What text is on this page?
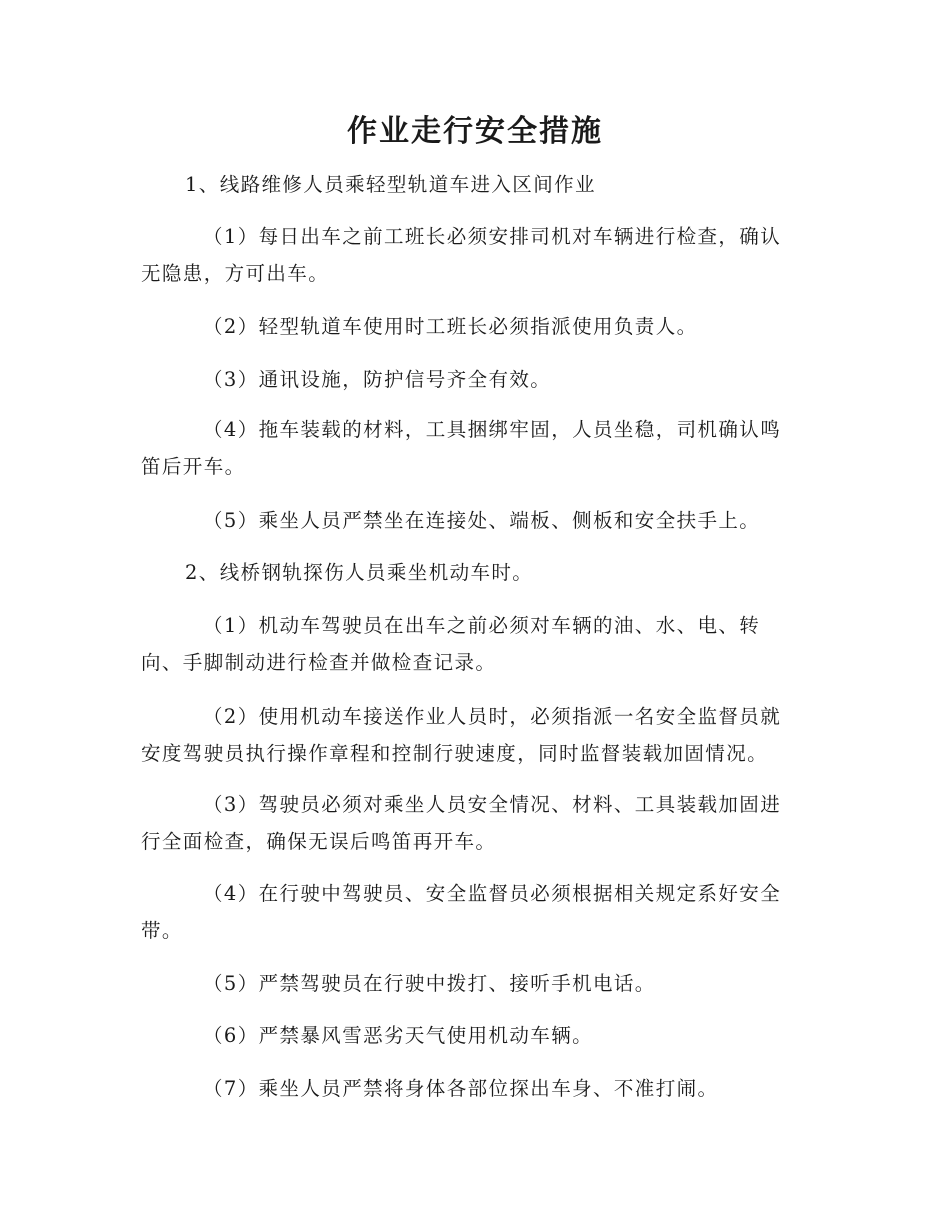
作业走行安全措施

1、线路维修人员乘轻型轨道车进入区间作业

（1）每日出车之前工班长必须安排司机对车辆进行检查，确认无隐患，方可出车。

（2）轻型轨道车使用时工班长必须指派使用负责人。

（3）通讯设施，防护信号齐全有效。

（4）拖车装载的材料，工具捆绑牢固，人员坐稳，司机确认鸣笛后开车。

（5）乘坐人员严禁坐在连接处、端板、侧板和安全扶手上。

2、线桥钢轨探伤人员乘坐机动车时。

（1）机动车驾驶员在出车之前必须对车辆的油、水、电、转向、手脚制动进行检查并做检查记录。

（2）使用机动车接送作业人员时，必须指派一名安全监督员就安度驾驶员执行操作章程和控制行驶速度，同时监督装载加固情况。

（3）驾驶员必须对乘坐人员安全情况、材料、工具装载加固进行全面检查，确保无误后鸣笛再开车。

（4）在行驶中驾驶员、安全监督员必须根据相关规定系好安全带。

（5）严禁驾驶员在行驶中拨打、接听手机电话。

（6）严禁暴风雪恶劣天气使用机动车辆。

（7）乘坐人员严禁将身体各部位探出车身、不准打闹。
